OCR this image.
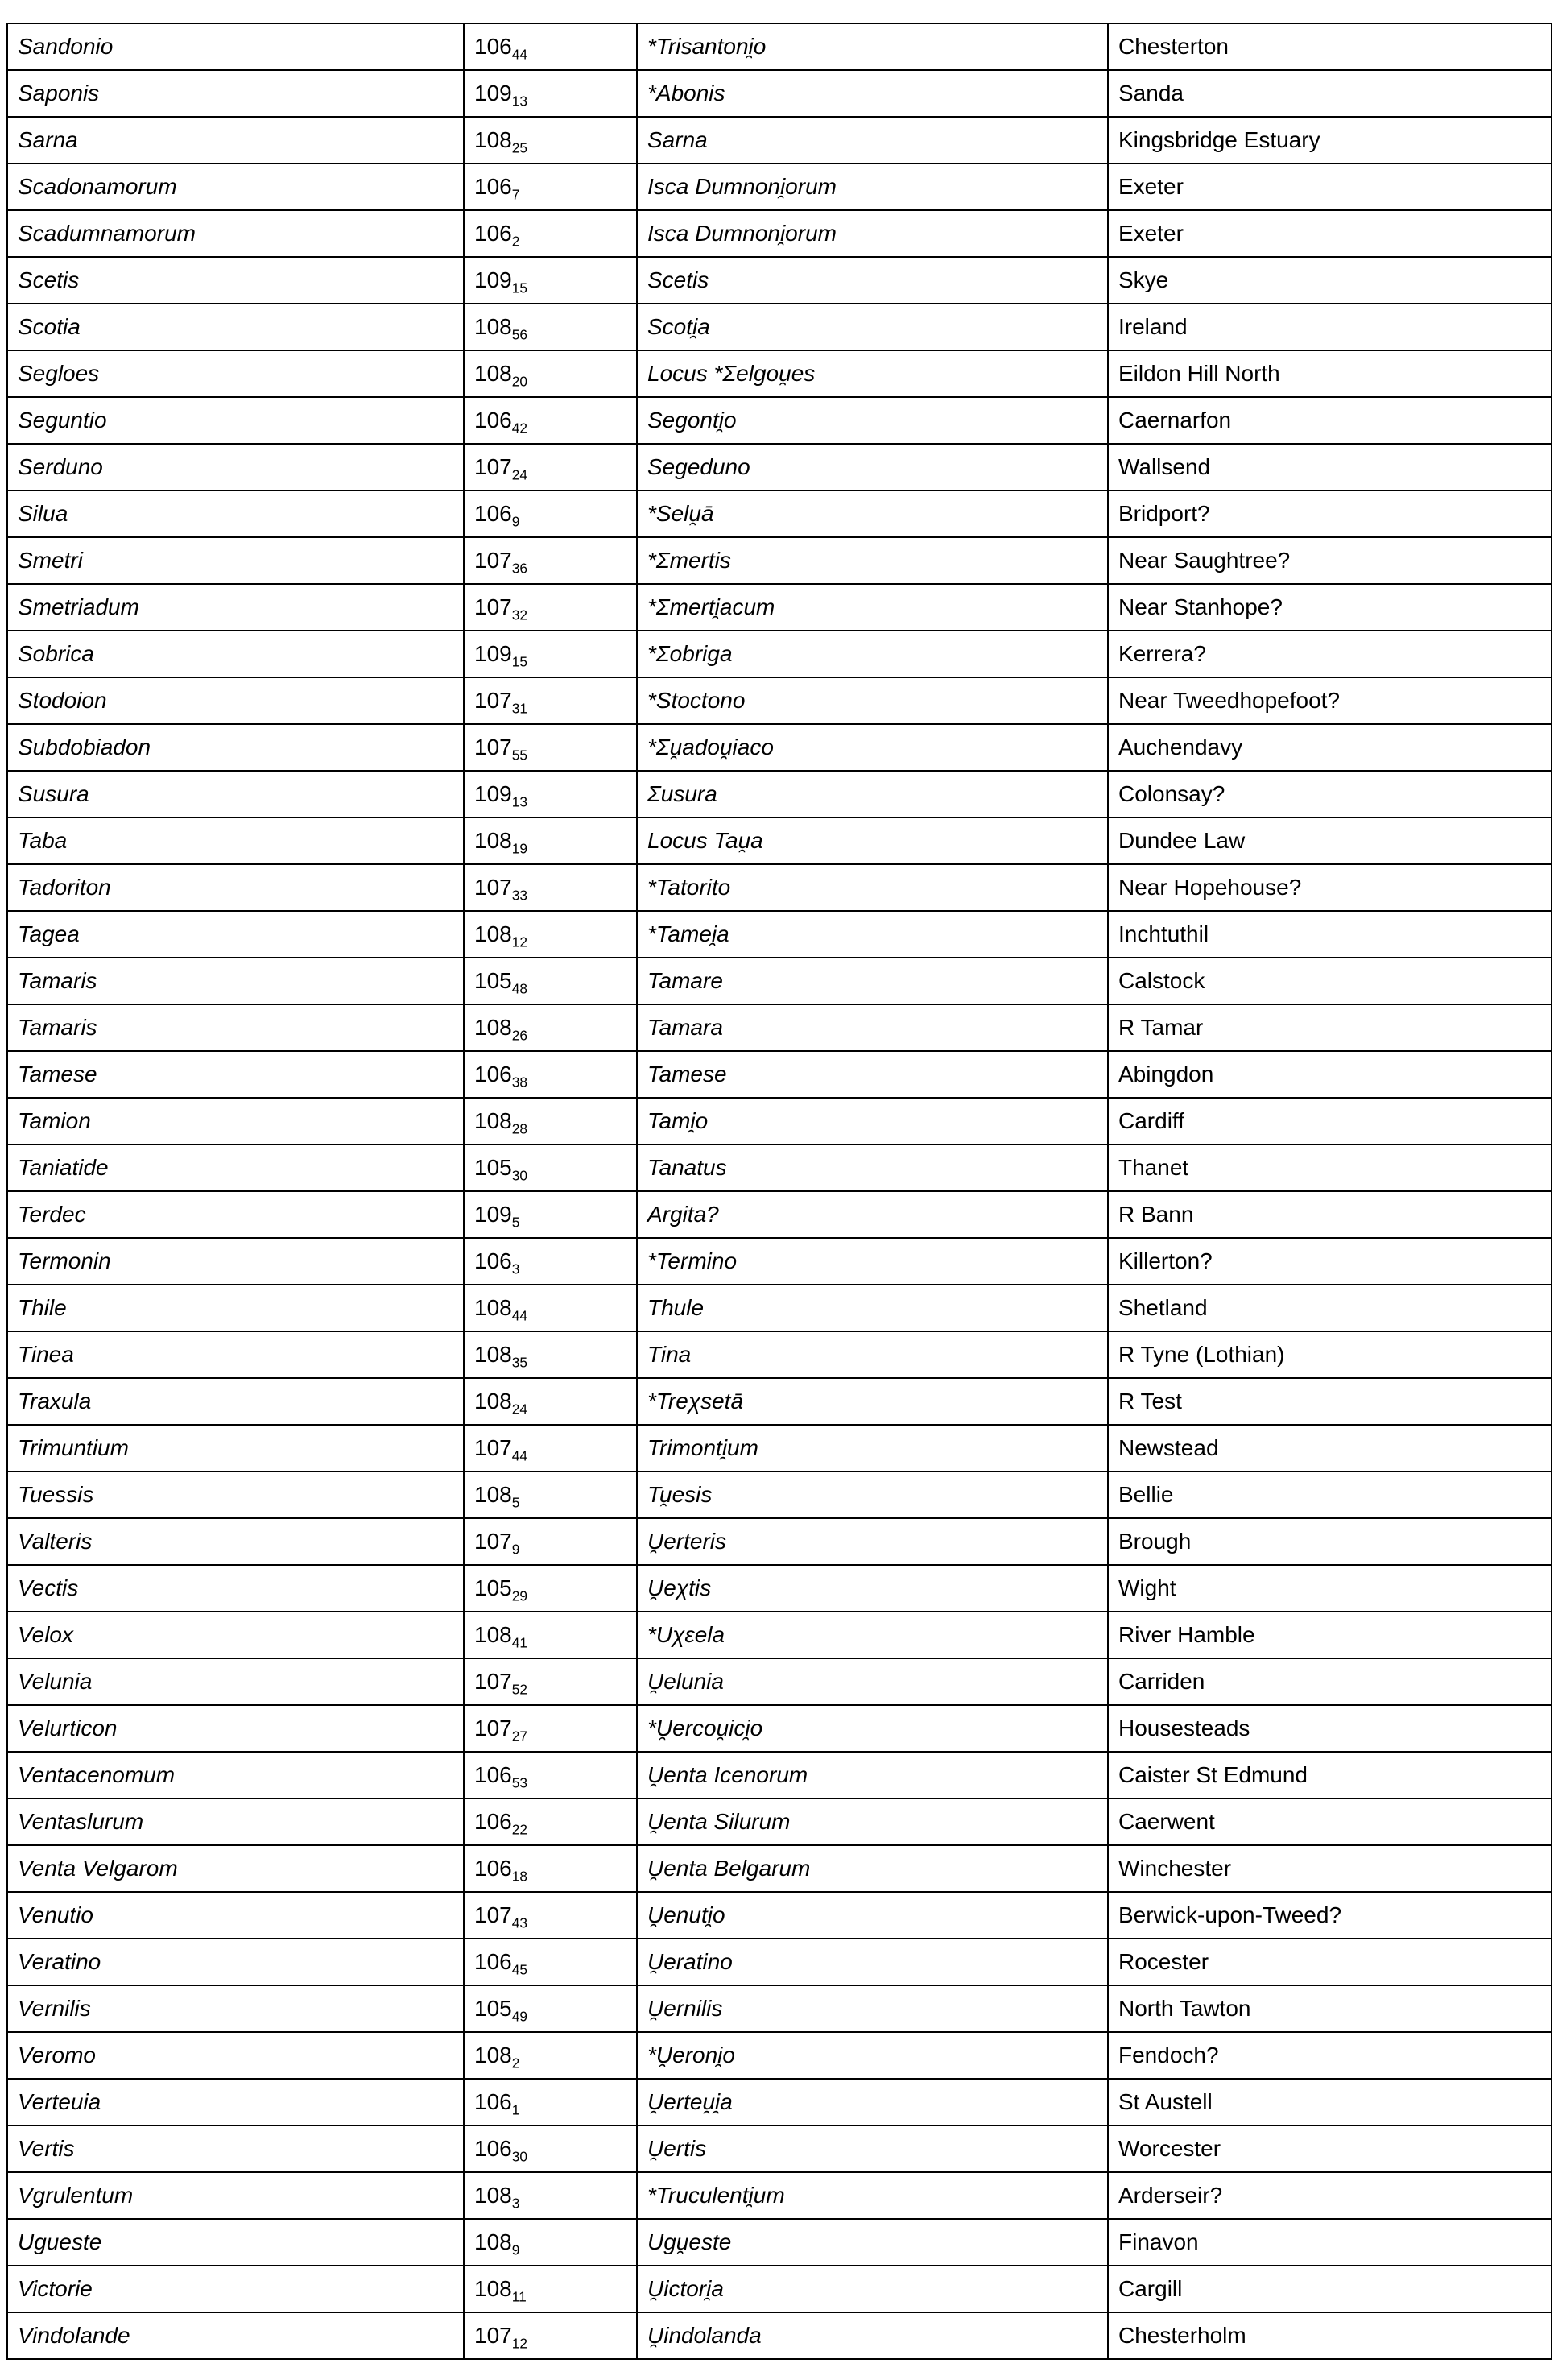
Sandonio	$106_{44}$	*Trisantoni̯o	Chesterton
Saponis	$109_{13}$	*Abonis	Sanda
Sarna	$108_{25}$	Sarna	Kingsbridge Estuary
Scadonamorum	$106_7$	Isca Dumnoni̯orum	Exeter
Scadumnamorum	$106_2$	Isca Dumnoni̯orum	Exeter
Scetis	$109_{15}$	Scetis	Skye
Scotia	$108_{56}$	Scoti̯a	Ireland
Segloes	$108_{20}$	Locus *Σelgou̯es	Eildon Hill North
Seguntio	$106_{42}$	Segonti̯o	Caernarfon
Serduno	$107_{24}$	Segeduno	Wallsend
Silua	$106_9$	*Selu̯ā	Bridport?
Smetri	$107_{36}$	*Σmertis	Near Saughtree?
Smetriadum	$107_{32}$	*Σmerti̯acum	Near Stanhope?
Sobrica	$109_{15}$	*Σobriga	Kerrera?
Stodoion	$107_{31}$	*Stoctono	Near Tweedhopefoot?
Subdobiadon	$107_{55}$	*Σu̯adou̯iaco	Auchendavy
Susura	$109_{13}$	Σusura	Colonsay?
Taba	$108_{19}$	Locus Tau̯a	Dundee Law
Tadoriton	$107_{33}$	*Tatorito	Near Hopehouse?
Tagea	$108_{12}$	*Tamei̯a	Inchtuthil
Tamaris	$105_{48}$	Tamare	Calstock
Tamaris	$108_{26}$	Tamara	R Tamar
Tamese	$106_{38}$	Tamese	Abingdon
Tamion	$108_{28}$	Tami̯o	Cardiff
Taniatide	$105_{30}$	Tanatus	Thanet
Terdec	$109_5$	Argita?	R Bann
Termonin	$106_3$	*Termino	Killerton?
Thile	$108_{44}$	Thule	Shetland
Tinea	$108_{35}$	Tina	R Tyne (Lothian)
Traxula	$108_{24}$	*Treχsetā	R Test
Trimuntium	$107_{44}$	Trimonti̯um	Newstead
Tuessis	$108_5$	Tu̯esis	Bellie
Valteris	$107_9$	U̯erteris	Brough
Vectis	$105_{29}$	U̯eχtis	Wight
Velox	$108_{41}$	*Uχɛela	River Hamble
Velunia	$107_{52}$	U̯elunia	Carriden
Velurticon	$107_{27}$	*U̯ercou̯ici̯o	Housesteads
Ventacenomum	$106_{53}$	U̯enta Icenorum	Caister St Edmund
Ventaslurum	$106_{22}$	U̯enta Silurum	Caerwent
Venta Velgarom	$106_{18}$	U̯enta Belgarum	Winchester
Venutio	$107_{43}$	U̯enuti̯o	Berwick-upon-Tweed?
Veratino	$106_{45}$	U̯eratino	Rocester
Vernilis	$105_{49}$	U̯ernilis	North Tawton
Veromo	$108_2$	*U̯eroni̯o	Fendoch?
Verteuia	$106_1$	U̯erteu̯i̯a	St Austell
Vertis	$106_{30}$	U̯ertis	Worcester
Vgrulentum	$108_3$	*Truculenti̯um	Arderseir?
Ugueste	$108_9$	Ugu̯este	Finavon
Victorie	$108_{11}$	U̯ictori̯a	Cargill
Vindolande	$107_{12}$	U̯indolanda	Chesterholm
